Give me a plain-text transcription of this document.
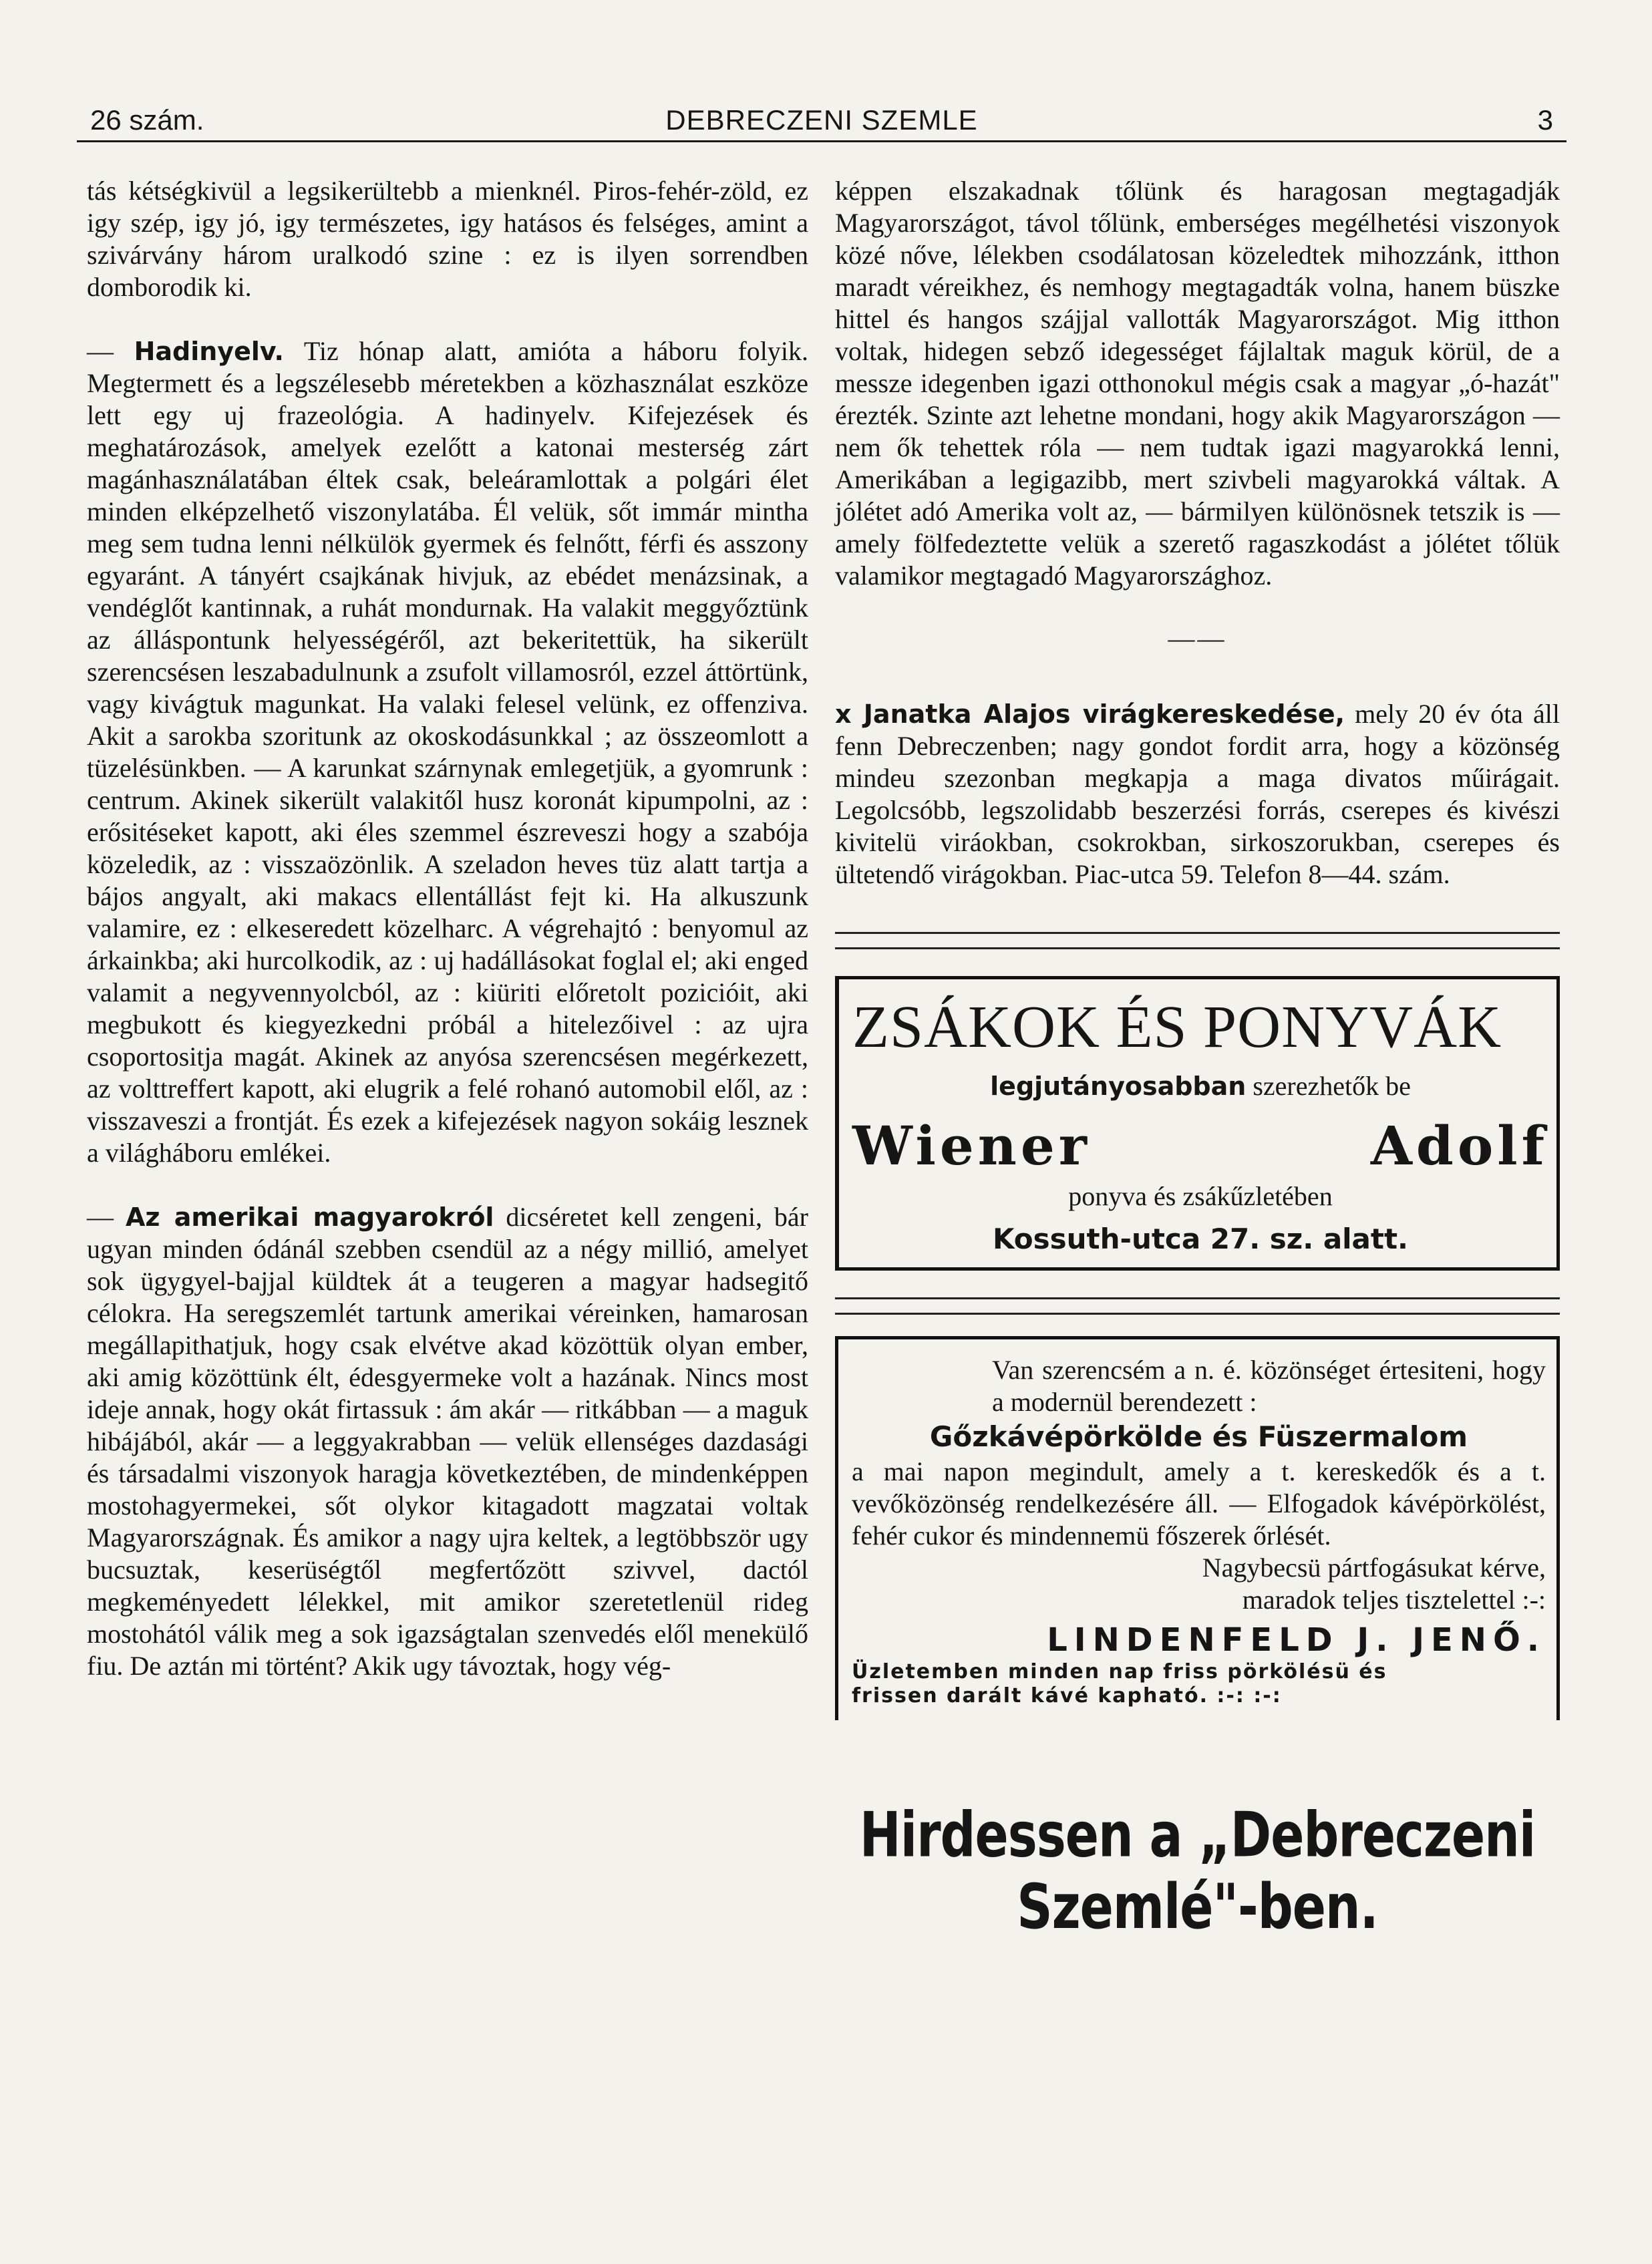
26 szám.	DEBRECZENI SZEMLE	3

tás kétségkivül a legsikerültebb a mienknél. Piros-fehér-zöld, ez igy szép, igy jó, igy természetes, igy hatásos és felséges, amint a szivárvány három uralkodó szine : ez is ilyen sorrendben domborodik ki.

— Hadinyelv. Tiz hónap alatt, amióta a háboru folyik. Megtermett és a legszélesebb méretekben a közhasználat eszköze lett egy uj frazeológia. A hadinyelv. Kifejezések és meghatározások, amelyek ezelőtt a katonai mesterség zárt magánhasználatában éltek csak, beleáramlottak a polgári élet minden elképzelhető viszonylatába. Él velük, sőt immár mintha meg sem tudna lenni nélkülök gyermek és felnőtt, férfi és asszony egyaránt. A tányért csajkának hivjuk, az ebédet menázsinak, a vendéglőt kantinnak, a ruhát mondurnak. Ha valakit meggyőztünk az álláspontunk helyességéről, azt bekeritettük, ha sikerült szerencsésen leszabadulnunk a zsufolt villamosról, ezzel áttörtünk, vagy kivágtuk magunkat. Ha valaki felesel velünk, ez offenziva. Akit a sarokba szoritunk az okoskodásunkkal ; az összeomlott a tüzelésünkben. — A karunkat szárnynak emlegetjük, a gyomrunk : centrum. Akinek sikerült valakitől husz koronát kipumpolni, az : erősitéseket kapott, aki éles szemmel észreveszi hogy a szabója közeledik, az : visszaözönlik. A szeladon heves tüz alatt tartja a bájos angyalt, aki makacs ellentállást fejt ki. Ha alkuszunk valamire, ez : elkeseredett közelharc. A végrehajtó : benyomul az árkainkba; aki hurcolkodik, az : uj hadállásokat foglal el; aki enged valamit a negyvennyolcból, az : kiüriti előretolt pozicióit, aki megbukott és kiegyezkedni próbál a hitelezőivel : az ujra csoportositja magát. Akinek az anyósa szerencsésen megérkezett, az volttreffert kapott, aki elugrik a felé rohanó automobil elől, az : visszaveszi a frontját. És ezek a kifejezések nagyon sokáig lesznek a világháboru emlékei.

— Az amerikai magyarokról dicséretet kell zengeni, bár ugyan minden ódánál szebben csendül az a négy millió, amelyet sok ügygyel-bajjal küldtek át a teugeren a magyar hadsegitő célokra. Ha seregszemlét tartunk amerikai véreinken, hamarosan megállapithatjuk, hogy csak elvétve akad közöttük olyan ember, aki amig közöttünk élt, édesgyermeke volt a hazának. Nincs most ideje annak, hogy okát firtassuk : ám akár — ritkábban — a maguk hibájából, akár — a leggyakrabban — velük ellenséges dazdasági és társadalmi viszonyok haragja következtében, de mindenképpen mostohagyermekei, sőt olykor kitagadott magzatai voltak Magyarországnak. És amikor a nagy ujra keltek, a legtöbbször ugy bucsuztak, keserüségtől megfertőzött szivvel, dactól megkeményedett lélekkel, mit amikor szeretetlenül rideg mostohától válik meg a sok igazságtalan szenvedés elől menekülő fiu. De aztán mi történt? Akik ugy távoztak, hogy vég-

képpen elszakadnak tőlünk és haragosan megtagadják Magyarországot, távol tőlünk, emberséges megélhetési viszonyok közé nőve, lélekben csodálatosan közeledtek mihozzánk, itthon maradt véreikhez, és nemhogy megtagadták volna, hanem büszke hittel és hangos szájjal vallották Magyarországot. Mig itthon voltak, hidegen sebző idegességet fájlaltak maguk körül, de a messze idegenben igazi otthonokul mégis csak a magyar „ó-hazát" érezték. Szinte azt lehetne mondani, hogy akik Magyarországon — nem ők tehettek róla — nem tudtak igazi magyarokká lenni, Amerikában a legigazibb, mert szivbeli magyarokká váltak. A jólétet adó Amerika volt az, — bármilyen különösnek tetszik is — amely fölfedeztette velük a szerető ragaszkodást a jólétet tőlük valamikor megtagadó Magyarországhoz.

——

x Janatka Alajos virágkereskedése, mely 20 év óta áll fenn Debreczenben; nagy gondot fordit arra, hogy a közönség mindeu szezonban megkapja a maga divatos műirágait. Legolcsóbb, legszolidabb beszerzési forrás, cserepes és kivészi kivitelü viráokban, csokrokban, sirkoszorukban, cserepes és ültetendő virágokban. Piac-utca 59. Telefon 8—44. szám.

ZSÁKOK ÉS PONYVÁK
legjutányosabban szerezhetők be
Wiener	Adolf
ponyva és zsákűzletében
Kossuth-utca 27. sz. alatt.

Van szerencsém a n. é. közönséget értesiteni, hogy a modernül berendezett :

Gőzkávépörkölde és Füszermalom

a mai napon megindult, amely a t. kereskedők és a t. vevőközönség rendelkezésére áll. — Elfogadok kávépörkölést, fehér cukor és mindennemü főszerek őrlését.

Nagybecsü pártfogásukat kérve,

maradok teljes tisztelettel :-:

LINDENFELD J. JENŐ.
Üzletemben minden nap friss pörkölésü és
frissen darált kávé kapható. :-: :-:
Hirdessen a „Debreczeni Szemlé"-ben.
